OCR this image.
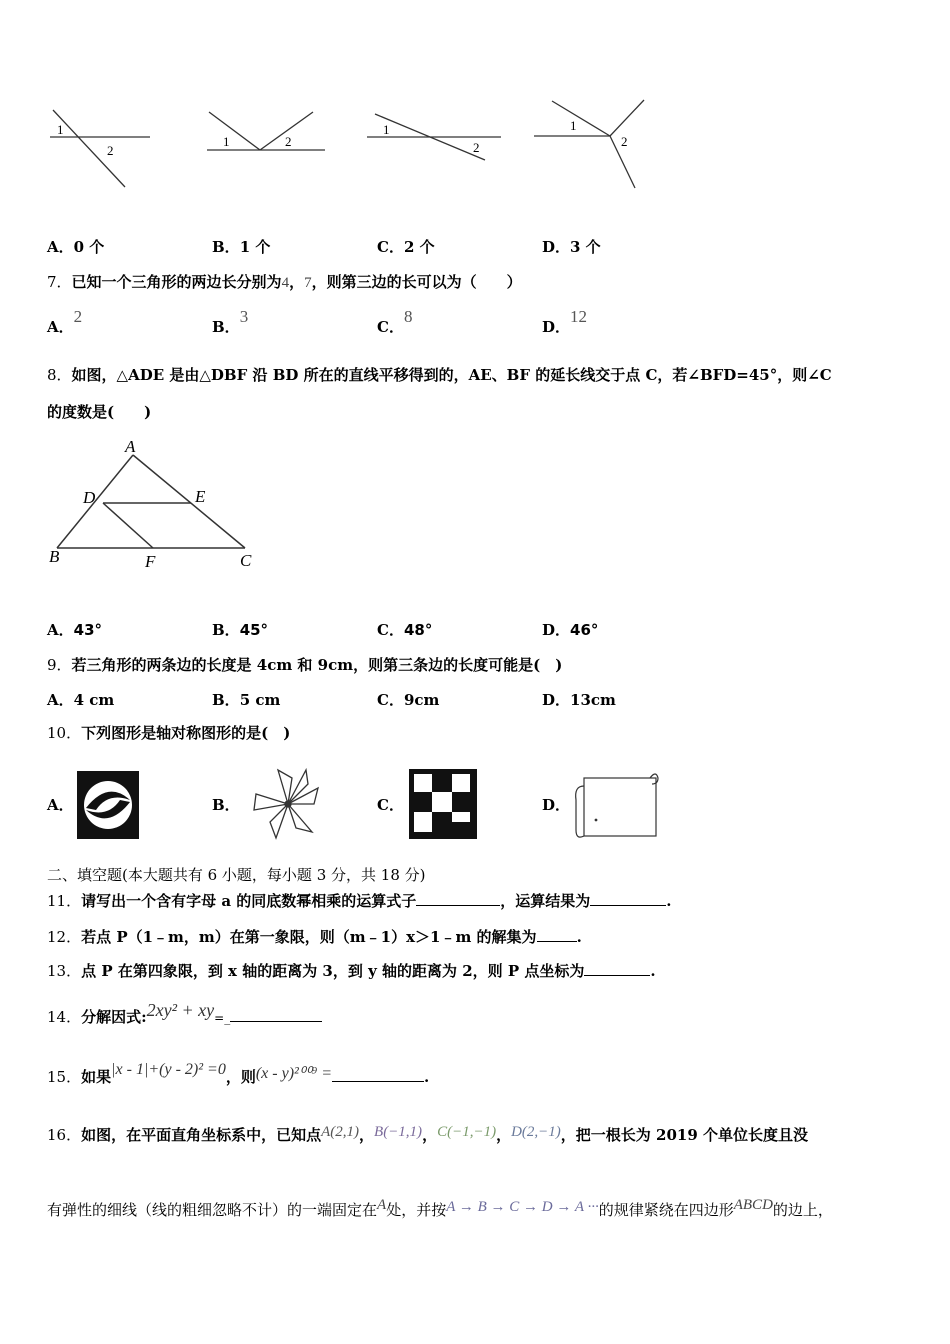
1
2
1	2
1
2
1
2
A．0 个	B．1 个	C．2 个	D．3 个
7．已知一个三角形的两边长分别为4，7，则第三边的长可以为（　　）
A．2
B．3
C．8
D．12
8．如图，△ADE 是由△DBF 沿 BD 所在的直线平移得到的，AE、BF 的延长线交于点 C，若∠BFD=45°，则∠C
的度数是(　　)
A
D	E
B	F	C
A．43°	B．45°	C．48°	D．46°
9．若三角形的两条边的长度是 4cm 和 9cm，则第三条边的长度可能是(　)
A．4 cm	B．5 cm	C．9cm	D．13cm
10．下列图形是轴对称图形的是(　)
A．	B．	C．	D．
二、填空题(本大题共有 6 小题，每小题 3 分，共 18 分)
11．请写出一个含有字母 a 的同底数幂相乘的运算式子	，运算结果为	.
12．若点 P（1﹣m，m）在第一象限，则（m﹣1）x＞1﹣m 的解集为	.
13．点 P 在第四象限，到 x 轴的距离为 3，到 y 轴的距离为 2，则 P 点坐标为	.
14．分解因式:2xy² + xy=_
15．如果|x - 1|+(y - 2)² =0，则(x - y)²⁰⁰⁹ =	.
16．如图，在平面直角坐标系中，已知点A(2,1)，B(−1,1)，C(−1,−1)，D(2,−1)，把一根长为 2019 个单位长度且没
有弹性的细线（线的粗细忽略不计）的一端固定在A处，并按A → B → C → D → A ···的规律紧绕在四边形ABCD的边上，
